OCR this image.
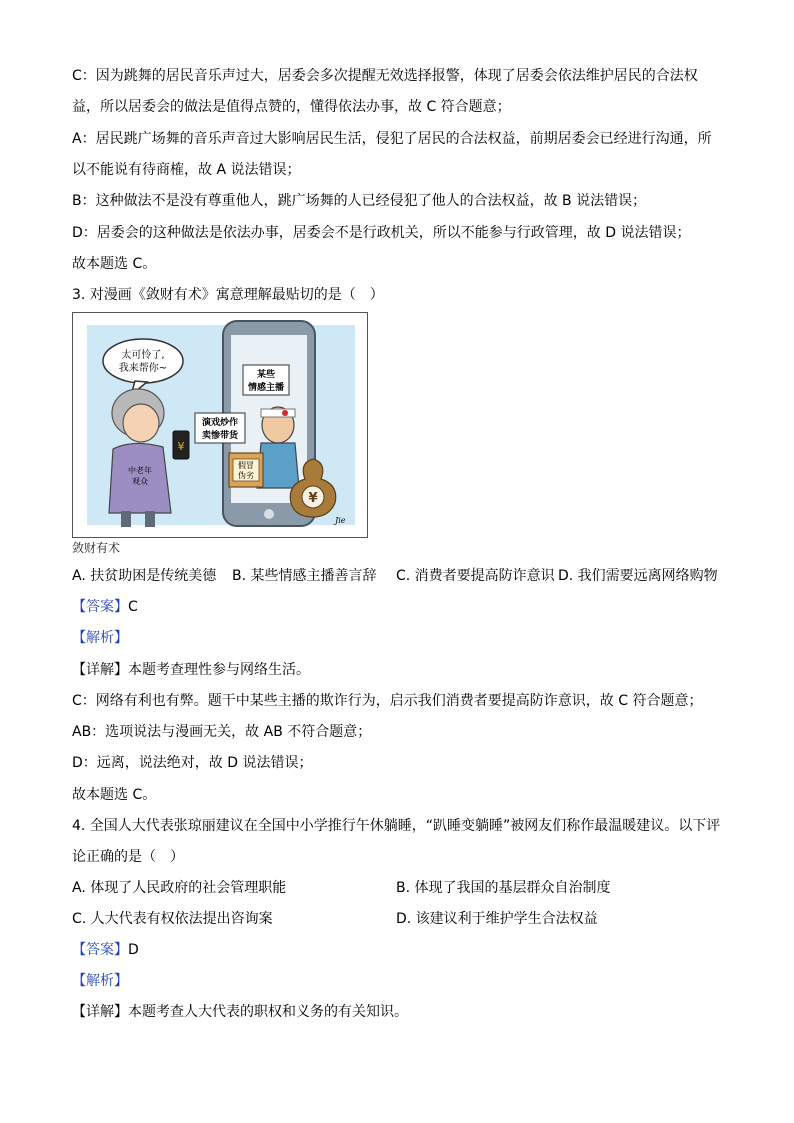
C：因为跳舞的居民音乐声过大，居委会多次提醒无效选择报警，体现了居委会依法维护居民的合法权
益，所以居委会的做法是值得点赞的，懂得依法办事，故 C 符合题意；
A：居民跳广场舞的音乐声音过大影响居民生活，侵犯了居民的合法权益，前期居委会已经进行沟通，所
以不能说有待商榷，故 A 说法错误；
B：这种做法不是没有尊重他人，跳广场舞的人已经侵犯了他人的合法权益，故 B 说法错误；
D：居委会的这种做法是依法办事，居委会不是行政机关，所以不能参与行政管理，故 D 说法错误；
故本题选 C。
3. 对漫画《敛财有术》寓意理解最贴切的是（　）
太可怜了,
我来帮你~
中老年
观众
¥
某些
情感主播
演戏炒作
卖惨带货
假冒
伪劣
¥
Jie
敛财有术
A. 扶贫助困是传统美德 B. 某些情感主播善言辞 C. 消费者要提高防诈意识 D. 我们需要远离网络购物
【答案】C
【解析】
【详解】本题考查理性参与网络生活。
C：网络有利也有弊。题干中某些主播的欺诈行为，启示我们消费者要提高防诈意识，故 C 符合题意；
AB：选项说法与漫画无关，故 AB 不符合题意；
D：远离，说法绝对，故 D 说法错误；
故本题选 C。
4. 全国人大代表张琼丽建议在全国中小学推行午休躺睡，“趴睡变躺睡”被网友们称作最温暖建议。以下评
论正确的是（　）
A. 体现了人民政府的社会管理职能	B. 体现了我国的基层群众自治制度
C. 人大代表有权依法提出咨询案	D. 该建议利于维护学生合法权益
【答案】D
【解析】
【详解】本题考查人大代表的职权和义务的有关知识。
